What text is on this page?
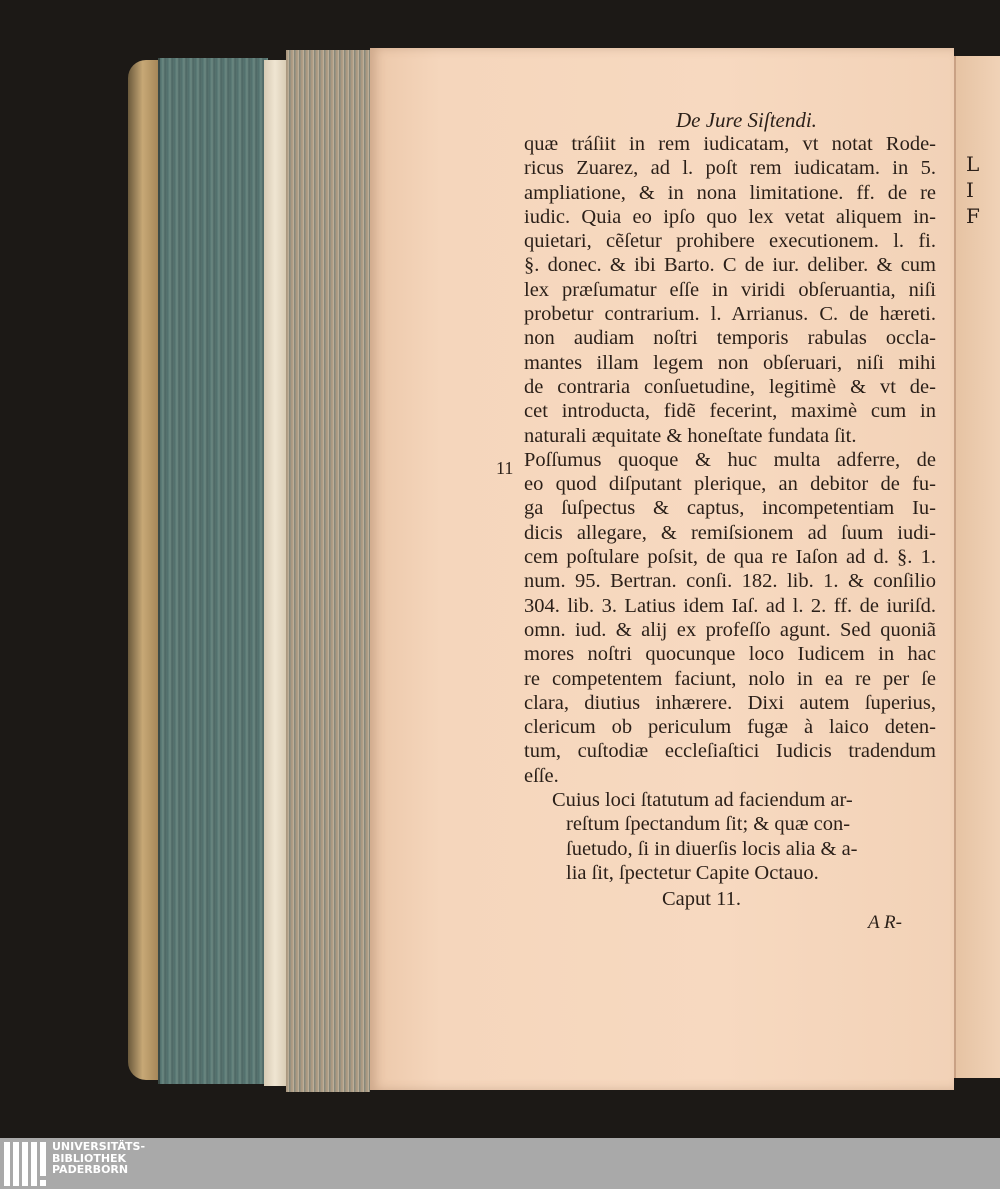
L
I
F
De Jure Siſtendi.
quæ tráſiit in rem iudicatam, vt notat Rode-
ricus Zuarez, ad l. poſt rem iudicatam. in 5.
ampliatione, & in nona limitatione. ff. de re
iudic. Quia eo ipſo quo lex vetat aliquem in-
quietari, cẽſetur prohibere executionem. l. fi.
§. donec. & ibi Barto. C de iur. deliber. & cum
lex præſumatur eſſe in viridi obſeruantia, niſi
probetur contrarium. l. Arrianus. C. de hæreti.
non audiam noſtri temporis rabulas occla-
mantes illam legem non obſeruari, niſi mihi
de contraria conſuetudine, legitimè & vt de-
cet introducta, fidẽ fecerint, maximè cum in
naturali æquitate & honeſtate fundata ſit.
Poſſumus quoque & huc multa adferre, de
eo quod diſputant plerique, an debitor de fu-
ga ſuſpectus & captus, incompetentiam Iu-
dicis allegare, & remiſsionem ad ſuum iudi-
cem poſtulare poſsit, de qua re Iaſon ad d. §. 1.
num. 95. Bertran. conſi. 182. lib. 1. & conſilio
304. lib. 3. Latius idem Iaſ. ad l. 2. ff. de iuriſd.
omn. iud. & alij ex profeſſo agunt. Sed quoniã
mores noſtri quocunque loco Iudicem in hac
re competentem faciunt, nolo in ea re per ſe
clara, diutius inhærere. Dixi autem ſuperius,
clericum ob periculum fugæ à laico deten-
tum, cuſtodiæ eccleſiaſtici Iudicis tradendum
eſſe.
11
Cuius loci ſtatutum ad faciendum ar-
reſtum ſpectandum ſit; & quæ con-
ſuetudo, ſi in diuerſis locis alia & a-
lia ſit, ſpectetur Capite Octauo.
Caput 11.
A R-
UNIVERSITÄTS-
BIBLIOTHEK
PADERBORN
